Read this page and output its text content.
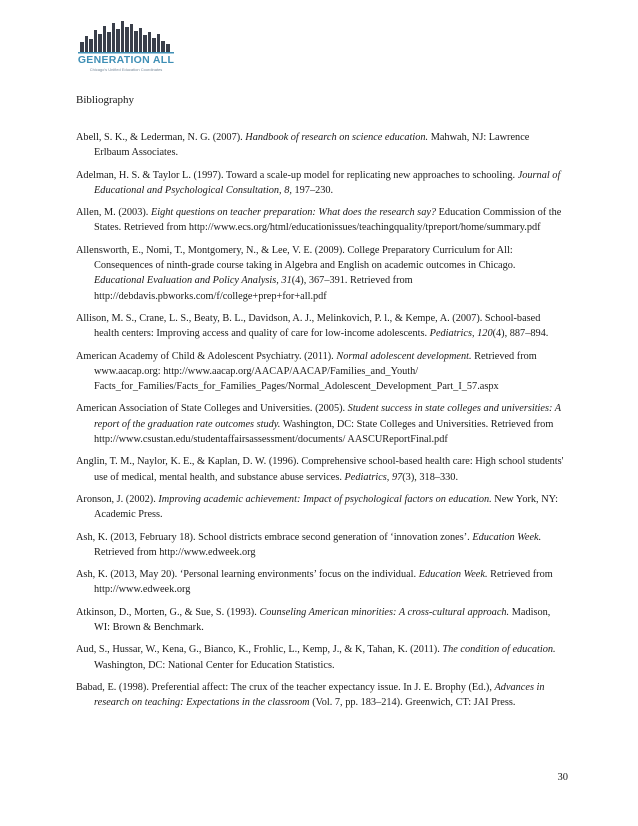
GENERATION ALL
Chicago's Unified Education Coordinates
Bibliography

Abell, S. K., & Lederman, N. G. (2007). Handbook of research on science education. Mahwah, NJ: Lawrence Erlbaum Associates.

Adelman, H. S. & Taylor L. (1997). Toward a scale-up model for replicating new approaches to schooling. Journal of Educational and Psychological Consultation, 8, 197–230.

Allen, M. (2003). Eight questions on teacher preparation: What does the research say? Education Commission of the States. Retrieved from http://www.ecs.org/html/educationissues/teachingquality/tpreport/home/summary.pdf

Allensworth, E., Nomi, T., Montgomery, N., & Lee, V. E. (2009). College Preparatory Curriculum for All: Consequences of ninth-grade course taking in Algebra and English on academic outcomes in Chicago. Educational Evaluation and Policy Analysis, 31(4), 367–391. Retrieved from http://debdavis.pbworks.com/f/college+prep+for+all.pdf

Allison, M. S., Crane, L. S., Beaty, B. L., Davidson, A. J., Melinkovich, P. l., & Kempe, A. (2007). School-based health centers: Improving access and quality of care for low-income adolescents. Pediatrics, 120(4), 887–894.

American Academy of Child & Adolescent Psychiatry. (2011). Normal adolescent development. Retrieved from www.aacap.org: http://www.aacap.org/AACAP/AACAP/Families_and_Youth/ Facts_for_Families/Facts_for_Families_Pages/Normal_Adolescent_Development_Part_I_57.aspx

American Association of State Colleges and Universities. (2005). Student success in state colleges and universities: A report of the graduation rate outcomes study. Washington, DC: State Colleges and Universities. Retrieved from http://www.csustan.edu/studentaffairsassessment/documents/ AASCUReportFinal.pdf

Anglin, T. M., Naylor, K. E., & Kaplan, D. W. (1996). Comprehensive school-based health care: High school students' use of medical, mental health, and substance abuse services. Pediatrics, 97(3), 318–330.

Aronson, J. (2002). Improving academic achievement: Impact of psychological factors on education. New York, NY: Academic Press.

Ash, K. (2013, February 18). School districts embrace second generation of ‘innovation zones’. Education Week. Retrieved from http://www.edweek.org

Ash, K. (2013, May 20). ‘Personal learning environments’ focus on the individual. Education Week. Retrieved from http://www.edweek.org

Atkinson, D., Morten, G., & Sue, S. (1993). Counseling American minorities: A cross-cultural approach. Madison, WI: Brown & Benchmark.

Aud, S., Hussar, W., Kena, G., Bianco, K., Frohlic, L., Kemp, J., & K, Tahan, K. (2011). The condition of education. Washington, DC: National Center for Education Statistics.

Babad, E. (1998). Preferential affect: The crux of the teacher expectancy issue. In J. E. Brophy (Ed.), Advances in research on teaching: Expectations in the classroom (Vol. 7, pp. 183–214). Greenwich, CT: JAI Press.

30
